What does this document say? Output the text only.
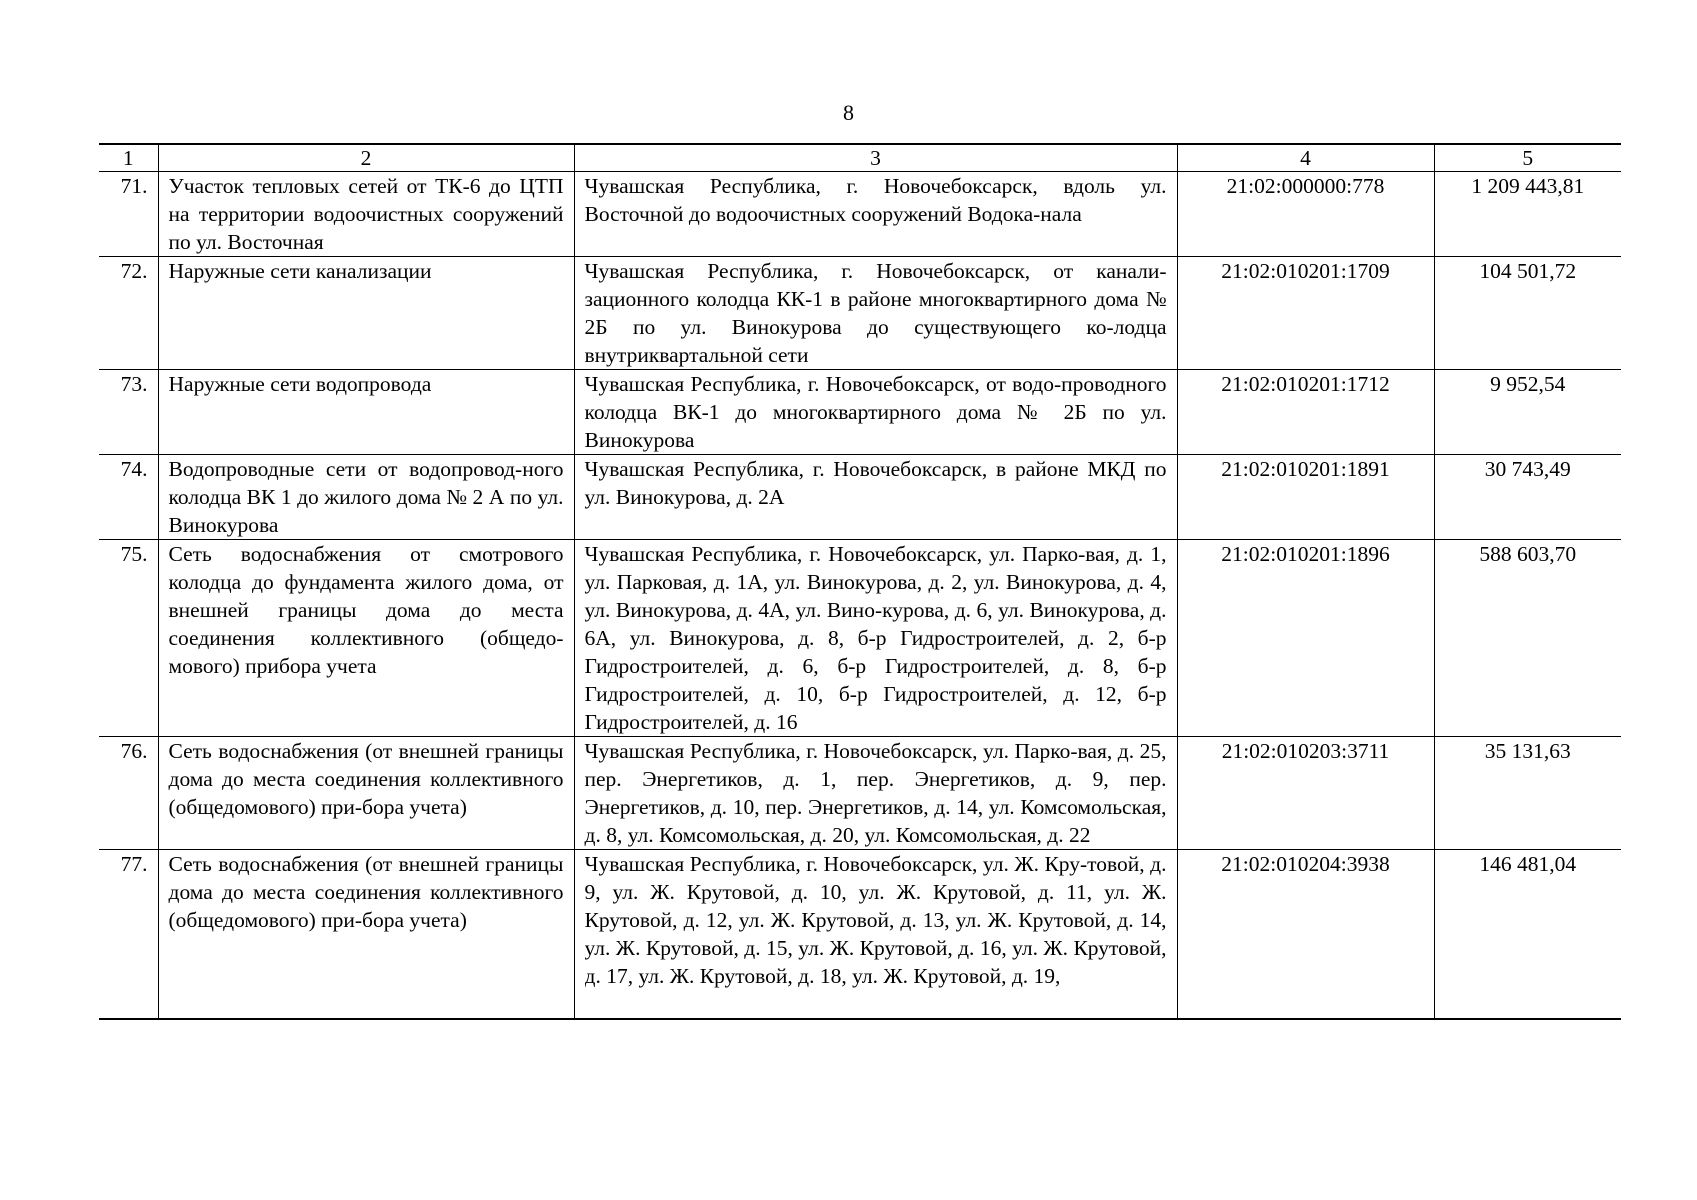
8
1	2	3	4	5
71.	Участок тепловых сетей от ТК-6 до ЦТП на территории водоочистных сооружений по ул. Восточная	Чувашская Республика, г. Новочебоксарск, вдоль ул. Восточной до водоочистных сооружений Водока-нала	21:02:000000:778	1 209 443,81
72.	Наружные сети канализации	Чувашская Республика, г. Новочебоксарск, от канали-зационного колодца КК-1 в районе многоквартирного дома № 2Б по ул. Винокурова до существующего ко-лодца внутриквартальной сети	21:02:010201:1709	104 501,72
73.	Наружные сети водопровода	Чувашская Республика, г. Новочебоксарск, от водо-проводного колодца ВК-1 до многоквартирного дома № 2Б по ул. Винокурова	21:02:010201:1712	9 952,54
74.	Водопроводные сети от водопровод-ного колодца ВК 1 до жилого дома № 2 А по ул. Винокурова	Чувашская Республика, г. Новочебоксарск, в районе МКД по ул. Винокурова, д. 2А	21:02:010201:1891	30 743,49
75.	Сеть водоснабжения от смотрового колодца до фундамента жилого дома, от внешней границы дома до места соединения коллективного (общедо-мового) прибора учета	Чувашская Республика, г. Новочебоксарск, ул. Парко-вая, д. 1, ул. Парковая, д. 1А, ул. Винокурова, д. 2, ул. Винокурова, д. 4, ул. Винокурова, д. 4А, ул. Вино-курова, д. 6, ул. Винокурова, д. 6А, ул. Винокурова, д. 8, б-р Гидростроителей, д. 2, б-р Гидростроителей, д. 6, б-р Гидростроителей, д. 8, б-р Гидростроителей, д. 10, б-р Гидростроителей, д. 12, б-р Гидростроителей, д. 16	21:02:010201:1896	588 603,70
76.	Сеть водоснабжения (от внешней границы дома до места соединения коллективного (общедомового) при-бора учета)	Чувашская Республика, г. Новочебоксарск, ул. Парко-вая, д. 25, пер. Энергетиков, д. 1, пер. Энергетиков, д. 9, пер. Энергетиков, д. 10, пер. Энергетиков, д. 14, ул. Комсомольская, д. 8, ул. Комсомольская, д. 20, ул. Комсомольская, д. 22	21:02:010203:3711	35 131,63
77.	Сеть водоснабжения (от внешней границы дома до места соединения коллективного (общедомового) при-бора учета)	Чувашская Республика, г. Новочебоксарск, ул. Ж. Кру-товой, д. 9, ул. Ж. Крутовой, д. 10, ул. Ж. Крутовой, д. 11, ул. Ж. Крутовой, д. 12, ул. Ж. Крутовой, д. 13, ул. Ж. Крутовой, д. 14, ул. Ж. Крутовой, д. 15, ул. Ж. Крутовой, д. 16, ул. Ж. Крутовой, д. 17, ул. Ж. Крутовой, д. 18, ул. Ж. Крутовой, д. 19,	21:02:010204:3938	146 481,04
